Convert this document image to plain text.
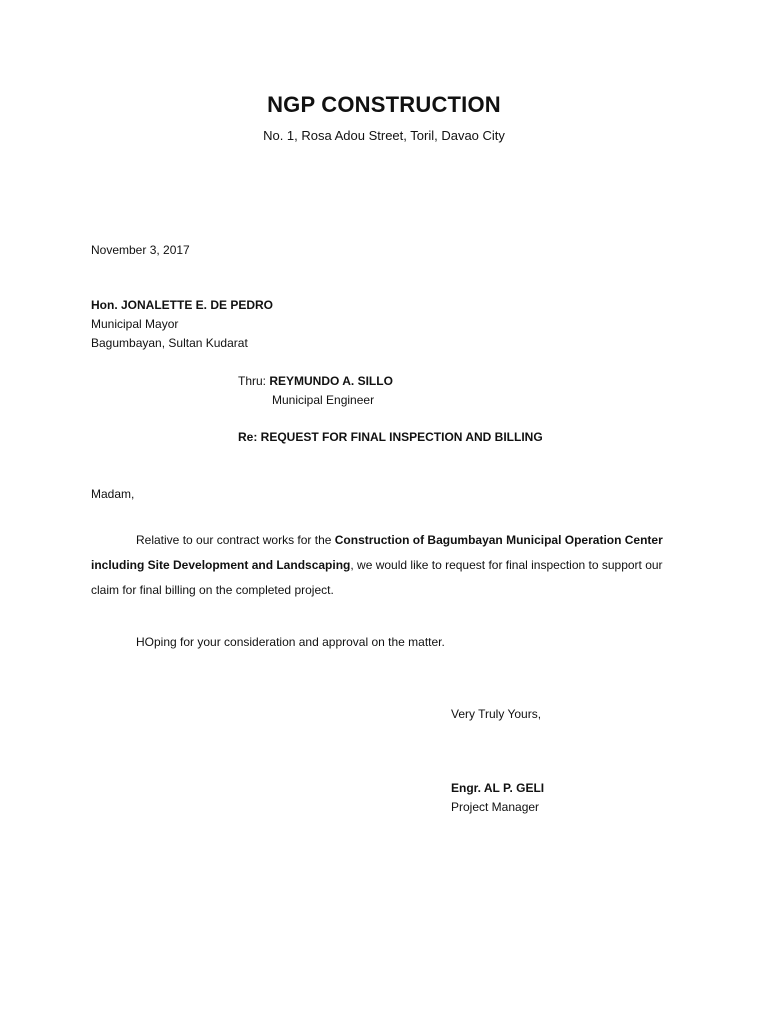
NGP CONSTRUCTION
No. 1, Rosa Adou Street, Toril, Davao City
November 3, 2017
Hon. JONALETTE E. DE PEDRO
Municipal Mayor
Bagumbayan, Sultan Kudarat
Thru: REYMUNDO A. SILLO
Municipal Engineer
Re: REQUEST FOR FINAL INSPECTION AND BILLING
Madam,
Relative to our contract works for the Construction of Bagumbayan Municipal Operation Center
including Site Development and Landscaping, we would like to request for final inspection to support our
claim for final billing on the completed project.
HOping for your consideration and approval on the matter.
Very Truly Yours,
Engr. AL P. GELI
Project Manager
